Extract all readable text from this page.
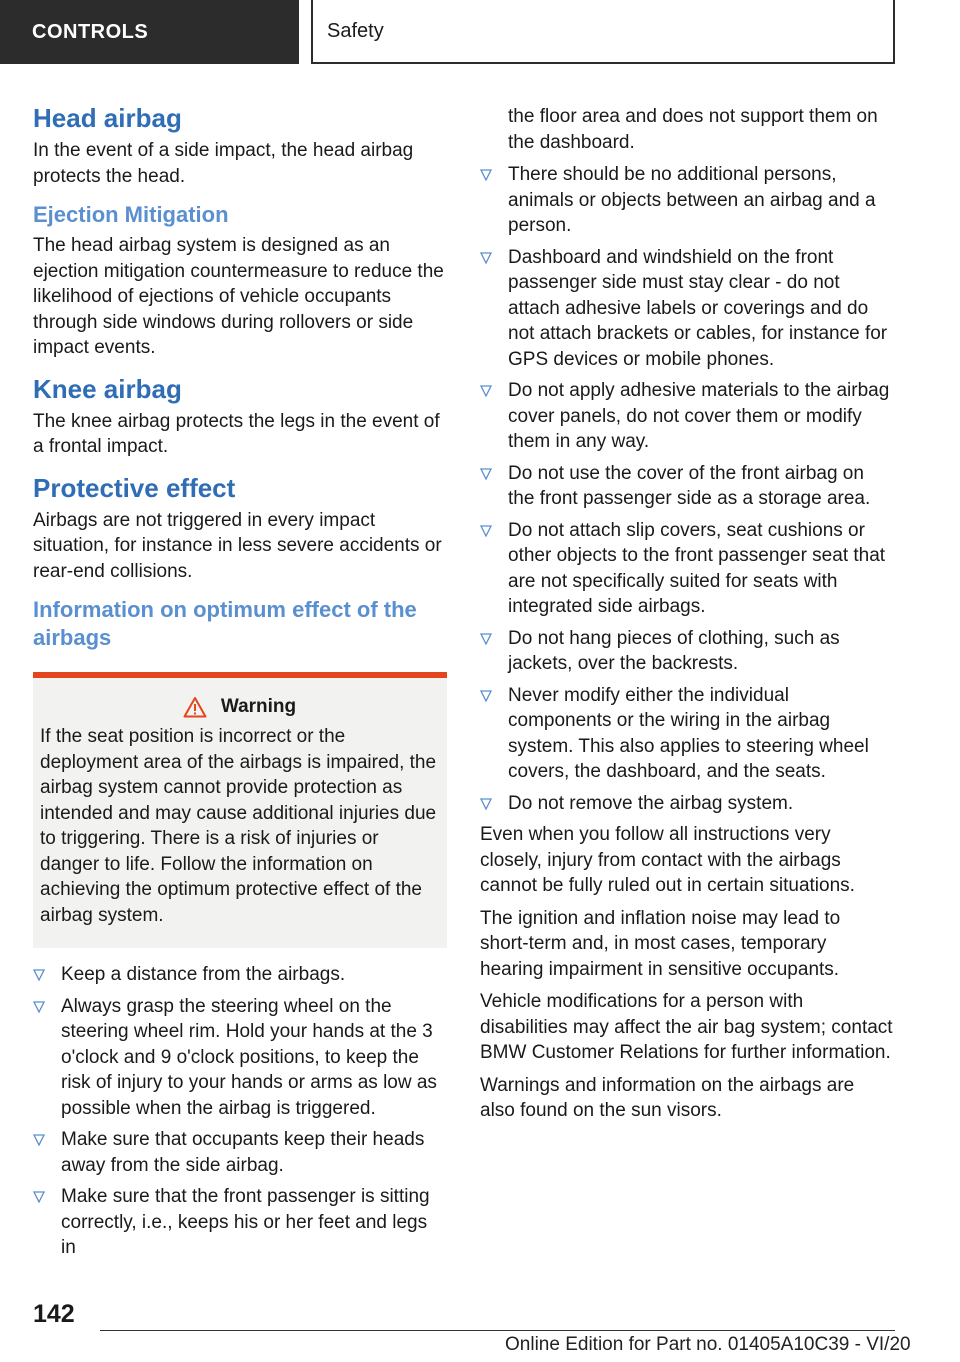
CONTROLS	Safety
Head airbag

In the event of a side impact, the head airbag protects the head.

Ejection Mitigation

The head airbag system is designed as an ejection mitigation countermeasure to reduce the likelihood of ejections of vehicle occupants through side windows during rollovers or side impact events.

Knee airbag

The knee airbag protects the legs in the event of a frontal impact.

Protective effect

Airbags are not triggered in every impact situation, for instance in less severe accidents or rear-end collisions.

Information on optimum effect of the airbags
Warning

If the seat position is incorrect or the deployment area of the airbags is impaired, the airbag system cannot provide protection as intended and may cause additional injuries due to triggering. There is a risk of injuries or danger to life. Follow the information on achieving the optimum protective effect of the airbag system.

Keep a distance from the airbags.
Always grasp the steering wheel on the steering wheel rim. Hold your hands at the 3 o'clock and 9 o'clock positions, to keep the risk of injury to your hands or arms as low as possible when the airbag is triggered.
Make sure that occupants keep their heads away from the side airbag.
Make sure that the front passenger is sitting correctly, i.e., keeps his or her feet and legs in

the floor area and does not support them on the dashboard.

There should be no additional persons, animals or objects between an airbag and a person.
Dashboard and windshield on the front passenger side must stay clear - do not attach adhesive labels or coverings and do not attach brackets or cables, for instance for GPS devices or mobile phones.
Do not apply adhesive materials to the airbag cover panels, do not cover them or modify them in any way.
Do not use the cover of the front airbag on the front passenger side as a storage area.
Do not attach slip covers, seat cushions or other objects to the front passenger seat that are not specifically suited for seats with integrated side airbags.
Do not hang pieces of clothing, such as jackets, over the backrests.
Never modify either the individual components or the wiring in the airbag system. This also applies to steering wheel covers, the dashboard, and the seats.
Do not remove the airbag system.

Even when you follow all instructions very closely, injury from contact with the airbags cannot be fully ruled out in certain situations.

The ignition and inflation noise may lead to short-term and, in most cases, temporary hearing impairment in sensitive occupants.

Vehicle modifications for a person with disabilities may affect the air bag system; contact BMW Customer Relations for further information.

Warnings and information on the airbags are also found on the sun visors.

142
Online Edition for Part no. 01405A10C39 - VI/20
